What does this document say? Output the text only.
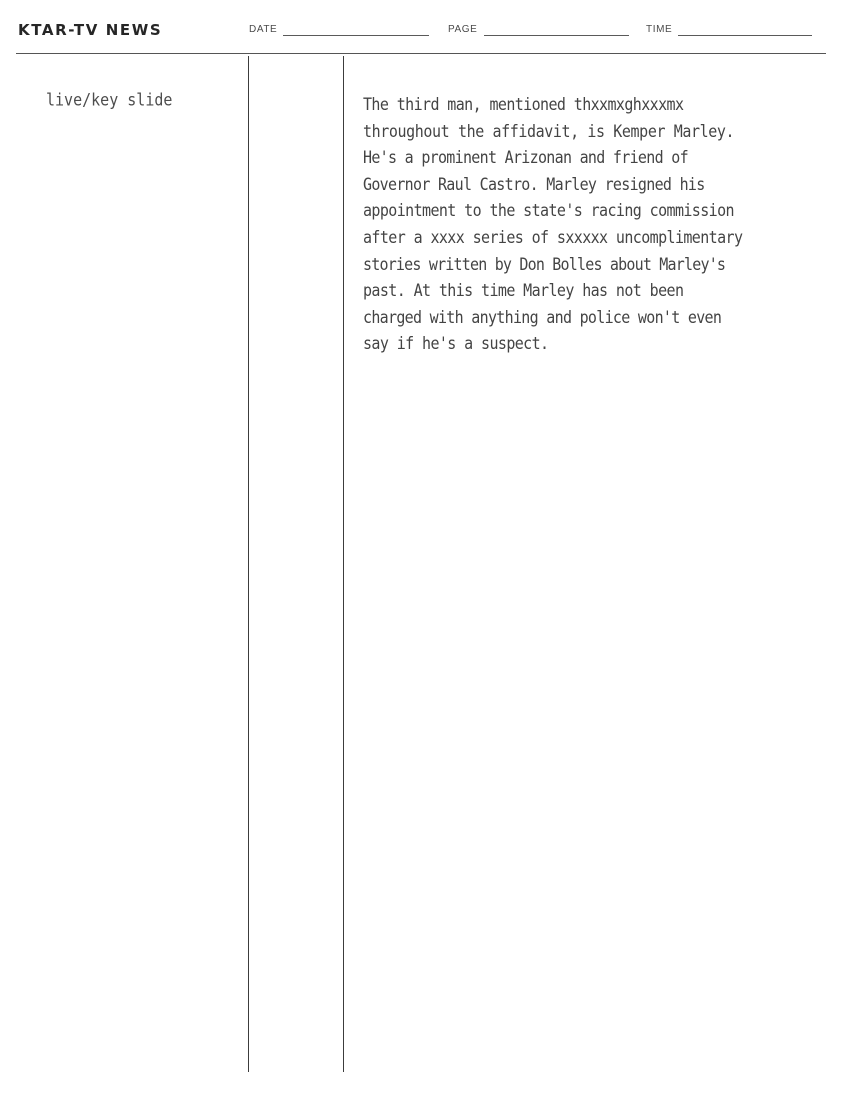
KTAR-TV NEWS	DATE	PAGE	TIME
live/key slide	The third man, mentioned thxxmxghxxxmx
throughout the affidavit, is Kemper Marley.
He's a prominent Arizonan and friend of
Governor Raul Castro. Marley resigned his
appointment to the state's racing commission
after a xxxx series of sxxxxx uncomplimentary
stories written by Don Bolles about Marley's
past. At this time Marley has not been
charged with anything and police won't even
say if he's a suspect.
